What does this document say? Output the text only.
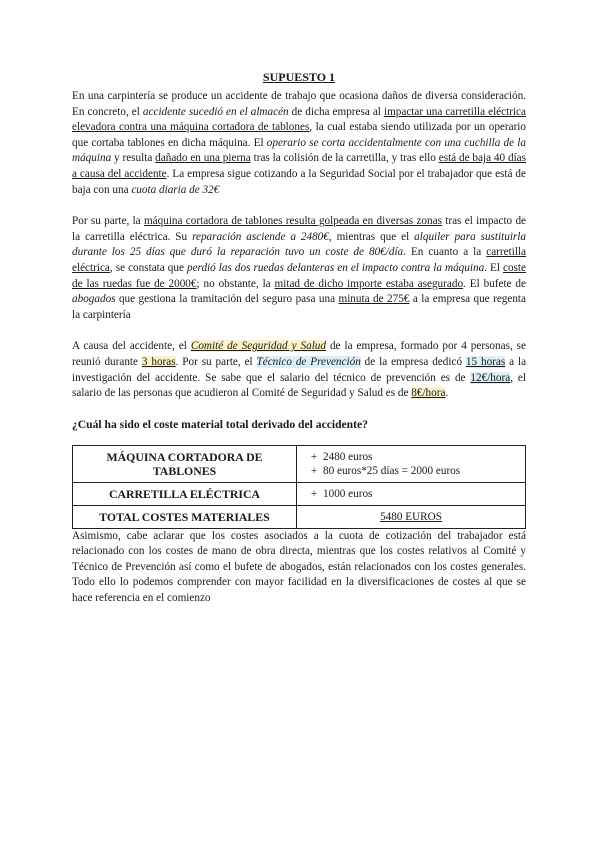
SUPUESTO 1

En una carpintería se produce un accidente de trabajo que ocasiona daños de diversa consideración. En concreto, el accidente sucedió en el almacén de dicha empresa al impactar una carretilla eléctrica elevadora contra una máquina cortadora de tablones, la cual estaba siendo utilizada por un operario que cortaba tablones en dicha máquina. El operario se corta accidentalmente con una cuchilla de la máquina y resulta dañado en una pierna tras la colisión de la carretilla, y tras ello está de baja 40 días a causa del accidente. La empresa sigue cotizando a la Seguridad Social por el trabajador que está de baja con una cuota diaria de 32€

Por su parte, la máquina cortadora de tablones resulta golpeada en diversas zonas tras el impacto de la carretilla eléctrica. Su reparación asciende a 2480€, mientras que el alquiler para sustituirla durante los 25 días que duró la reparación tuvo un coste de 80€/día. En cuanto a la carretilla eléctrica, se constata que perdió las dos ruedas delanteras en el impacto contra la máquina. El coste de las ruedas fue de 2000€; no obstante, la mitad de dicho importe estaba asegurado. El bufete de abogados que gestiona la tramitación del seguro pasa una minuta de 275€ a la empresa que regenta la carpintería

A causa del accidente, el Comité de Seguridad y Salud de la empresa, formado por 4 personas, se reunió durante 3 horas. Por su parte, el Técnico de Prevención de la empresa dedicó 15 horas a la investigación del accidente. Se sabe que el salario del técnico de prevención es de 12€/hora, el salario de las personas que acudieron al Comité de Seguridad y Salud es de 8€/hora.

¿Cuál ha sido el coste material total derivado del accidente?
MÁQUINA CORTADORA DE TABLONES	+ 2480 euros
+ 80 euros*25 días = 2000 euros

CARRETILLA ELÉCTRICA	+ 1000 euros

TOTAL COSTES MATERIALES	5480 EUROS

Asimismo, cabe aclarar que los costes asociados a la cuota de cotización del trabajador está relacionado con los costes de mano de obra directa, mientras que los costes relativos al Comité y Técnico de Prevención así como el bufete de abogados, están relacionados con los costes generales. Todo ello lo podemos comprender con mayor facilidad en la diversificaciones de costes al que se hace referencia en el comienzo
